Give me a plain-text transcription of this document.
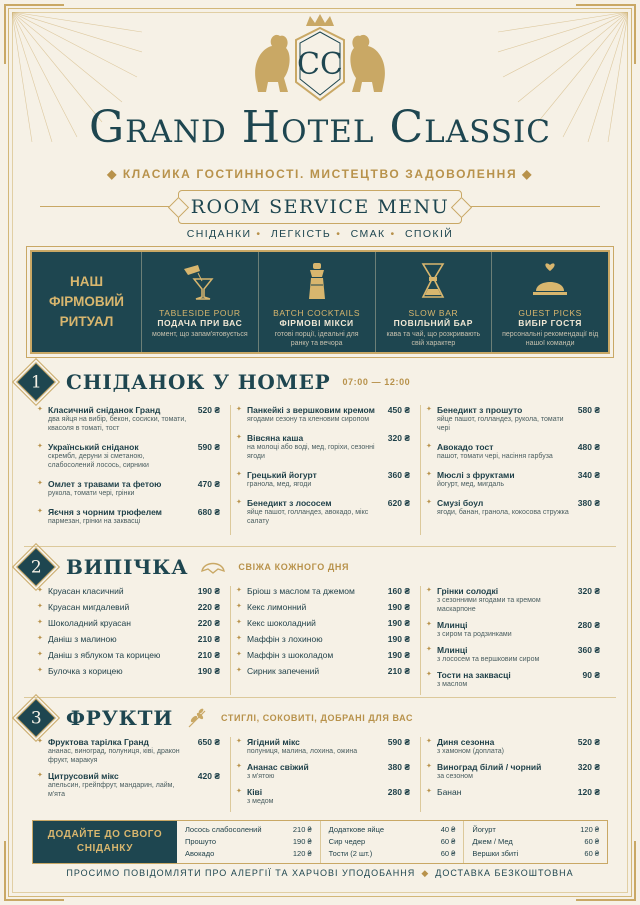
CC
Grand Hotel Classic
◆ КЛАСИКА ГОСТИННОСТІ. МИСТЕЦТВО ЗАДОВОЛЕННЯ ◆
ROOM SERVICE MENU
СНІДАНКИ • ЛЕГКІСТЬ • СМАК • СПОКІЙ
НАШ
ФІРМОВИЙ
РИТУАЛ
TABLESIDE POUR
ПОДАЧА ПРИ ВАС
момент, що запам'ятовується
BATCH COCKTAILS
ФІРМОВІ МІКСИ
готові порції, ідеальні для ранку та вечора
SLOW BAR
ПОВІЛЬНИЙ БАР
кава та чай, що розкривають свій характер
GUEST PICKS
ВИБІР ГОСТЯ
персональні рекомендації від нашої команди
1 СНІДАНОК У НОМЕР 07:00 — 12:00
✦ Класичний сніданок Гранд	520 ₴
два яйця на вибір, бекон, сосиски, томати, квасоля в томаті, тост
✦ Український сніданок	590 ₴
скрембл, деруни зі сметаною, слабосолений лосось, сирники
✦ Омлет з травами та фетою	470 ₴
рукола, томати чері, грінки
✦ Яєчня з чорним трюфелем	680 ₴
пармезан, грінки на заквасці
✦ Панкейкі з вершковим кремом	450 ₴
ягодами сезону та кленовим сиропом
✦ Вівсяна каша	320 ₴
на молоці або воді, мед, горіхи, сезонні ягоди
✦ Грецький йогурт	360 ₴
гранола, мед, ягоди
✦ Бенедикт з лососем	620 ₴
яйце пашот, голландез, авокадо, мікс салату
✦ Бенедикт з прошуто	580 ₴
яйце пашот, голландез, рукола, томати чері
✦ Авокадо тост	480 ₴
пашот, томати чері, насіння гарбуза
✦ Мюслі з фруктами	340 ₴
йогурт, мед, мигдаль
✦ Смузі боул	380 ₴
ягоди, банан, гранола, кокосова стружка
2 ВИПІЧКА	СВІЖА КОЖНОГО ДНЯ
✦ Круасан класичний	190 ₴
✦ Круасан мигдалевий	220 ₴
✦ Шоколадний круасан	220 ₴
✦ Даніш з малиною	210 ₴
✦ Даніш з яблуком та корицею	210 ₴
✦ Булочка з корицею	190 ₴
✦ Бріош з маслом та джемом	160 ₴
✦ Кекс лимонний	190 ₴
✦ Кекс шоколадний	190 ₴
✦ Маффін з лохиною	190 ₴
✦ Маффін з шоколадом	190 ₴
✦ Сирник запечений	210 ₴
✦ Грінки солодкі	320 ₴
з сезонними ягодами та кремом маскарпоне
✦ Млинці	280 ₴
з сиром та родзинками
✦ Млинці	360 ₴
з лососем та вершковим сиром
✦ Тости на заквасці	90 ₴
з маслом
3 ФРУКТИ	СТИГЛІ, СОКОВИТІ, ДОБРАНІ ДЛЯ ВАС
✦ Фруктова тарілка Гранд	650 ₴
ананас, виноград, полуниця, ківі, дракон фрукт, маракуя
✦ Цитрусовий мікс	420 ₴
апельсин, грейпфрут, мандарин, лайм, м'ята
✦ Ягідний мікс	590 ₴
полуниця, малина, лохина, ожина
✦ Ананас свіжий	380 ₴
з м'ятою
✦ Ківі	280 ₴
з медом
✦ Диня сезонна	520 ₴
з хамоном (доплата)
✦ Виноград білий / чорний	320 ₴
за сезоном
✦ Банан	120 ₴
ДОДАЙТЕ ДО СВОГО
СНІДАНКУ
Лосось слабосолений	210 ₴
Прошуто	190 ₴
Авокадо	120 ₴
Додаткове яйце	40 ₴
Сир чедер	60 ₴
Тости (2 шт.)	60 ₴
Йогурт	120 ₴
Джем / Мед	60 ₴
Вершки збиті	60 ₴
ПРОСИМО ПОВІДОМЛЯТИ ПРО АЛЕРГІЇ ТА ХАРЧОВІ УПОДОБАННЯ ◆ ДОСТАВКА БЕЗКОШТОВНА
